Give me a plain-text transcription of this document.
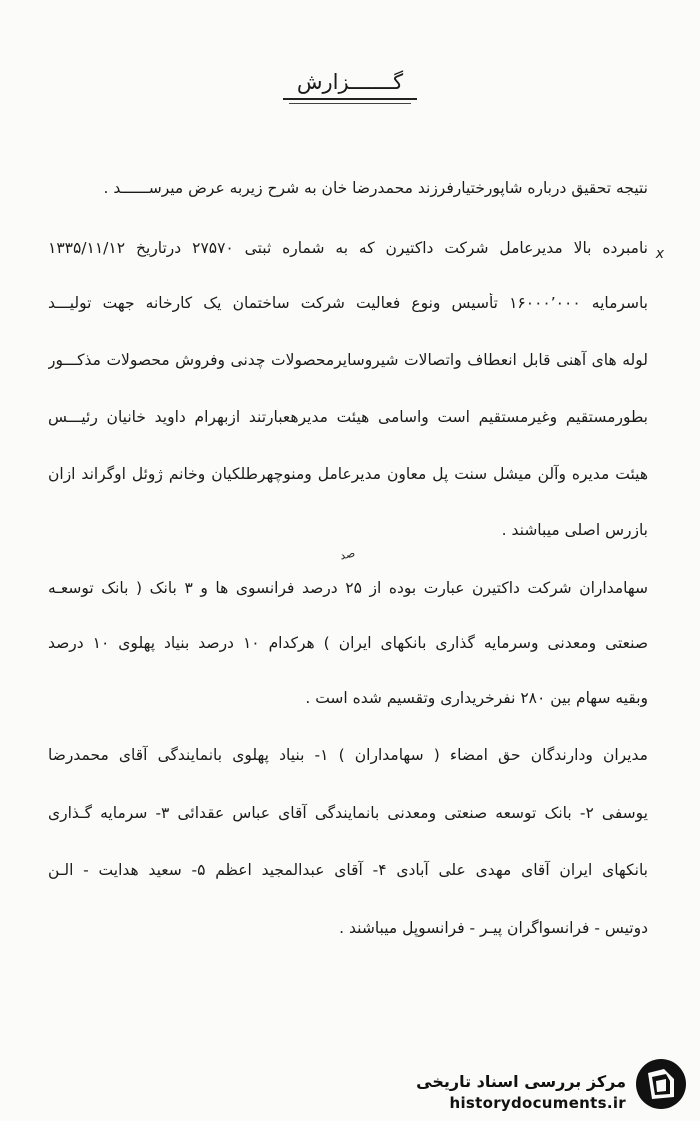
گـــــــزارش
نتیجه تحقیق درباره شاپورختیارفرزند محمدرضا خان به شرح زیربه عرض میرســــــد .
نامبرده بالا مدیرعامل شرکت داکتیرن که به شماره ثبتی ۲۷۵۷۰ درتاریخ ۱۳۳۵/۱۱/۱۲
باسرمایه ۱۶۰۰۰٬۰۰۰ تأسیس ونوع فعالیت شرکت ساختمان یک کارخانه جهت تولیـــد
لوله های آهنی قابل انعطاف واتصالات شیروسایرمحصولات چدنی وفروش محصولات مذکـــور
بطورمستقیم وغیرمستقیم است واسامی هیئت مدیرهعبارتند ازبهرام داوید خانیان رئیـــس
هیئت مدیره وآلن میشل سنت پل معاون مدیرعامل ومنوچهرطلکیان وخانم ژوئل اوگراند ازان
بازرس اصلی میباشند .
سهامداران شرکت داکتیرن عبارت بوده از ۲۵ درصد فرانسوی ها و ۳ بانک ( بانک توسعـه
صنعتی ومعدنی وسرمایه گذاری بانکهای ایران ) هرکدام ۱۰ درصد بنیاد پهلوی ۱۰ درصد
وبقیه سهام بین ۲۸۰ نفرخریداری وتقسیم شده است .
مدیران ودارندگان حق امضاء ( سهامداران ) ۱- بنیاد پهلوی بانمایندگی آقای محمدرضا
یوسفی ۲- بانک توسعه صنعتی ومعدنی بانمایندگی آقای عباس عقدائی ۳- سرمایه گـذاری
بانکهای ایران آقای مهدی علی آبادی ۴- آقای عبدالمجید اعظم ۵- سعید هدایت - الـن
دوتیس - فرانسواگران پیـر - فرانسوپل میباشند .
x
صد
مرکز بررسی اسناد تاریخی
historydocuments.ir
